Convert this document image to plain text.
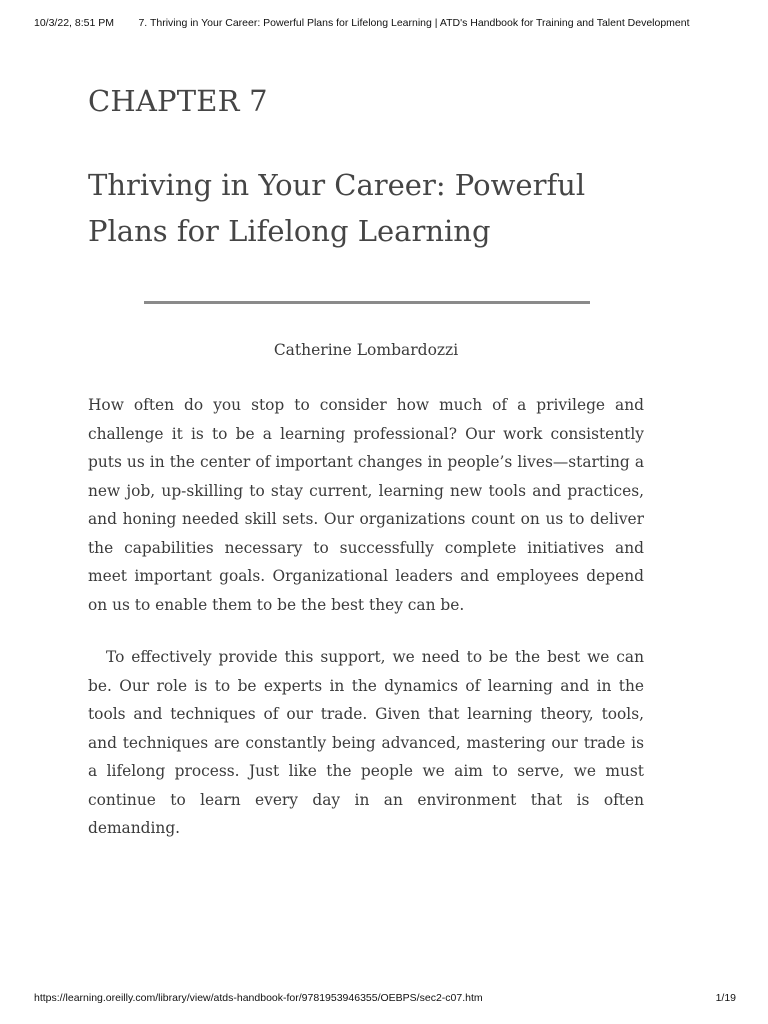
10/3/22, 8:51 PM	7. Thriving in Your Career: Powerful Plans for Lifelong Learning | ATD's Handbook for Training and Talent Development
CHAPTER 7
Thriving in Your Career: Powerful Plans for Lifelong Learning
Catherine Lombardozzi

How often do you stop to consider how much of a privilege and challenge it is to be a learning professional? Our work consistently puts us in the center of important changes in people’s lives—starting a new job, up-skilling to stay current, learning new tools and practices, and honing needed skill sets. Our organizations count on us to deliver the capabilities necessary to successfully complete initiatives and meet important goals. Organizational leaders and employees depend on us to enable them to be the best they can be.

To effectively provide this support, we need to be the best we can be. Our role is to be experts in the dynamics of learning and in the tools and techniques of our trade. Given that learning theory, tools, and techniques are constantly being advanced, mastering our trade is a lifelong process. Just like the people we aim to serve, we must continue to learn every day in an environment that is often demanding.

https://learning.oreilly.com/library/view/atds-handbook-for/9781953946355/OEBPS/sec2-c07.htm	1/19
